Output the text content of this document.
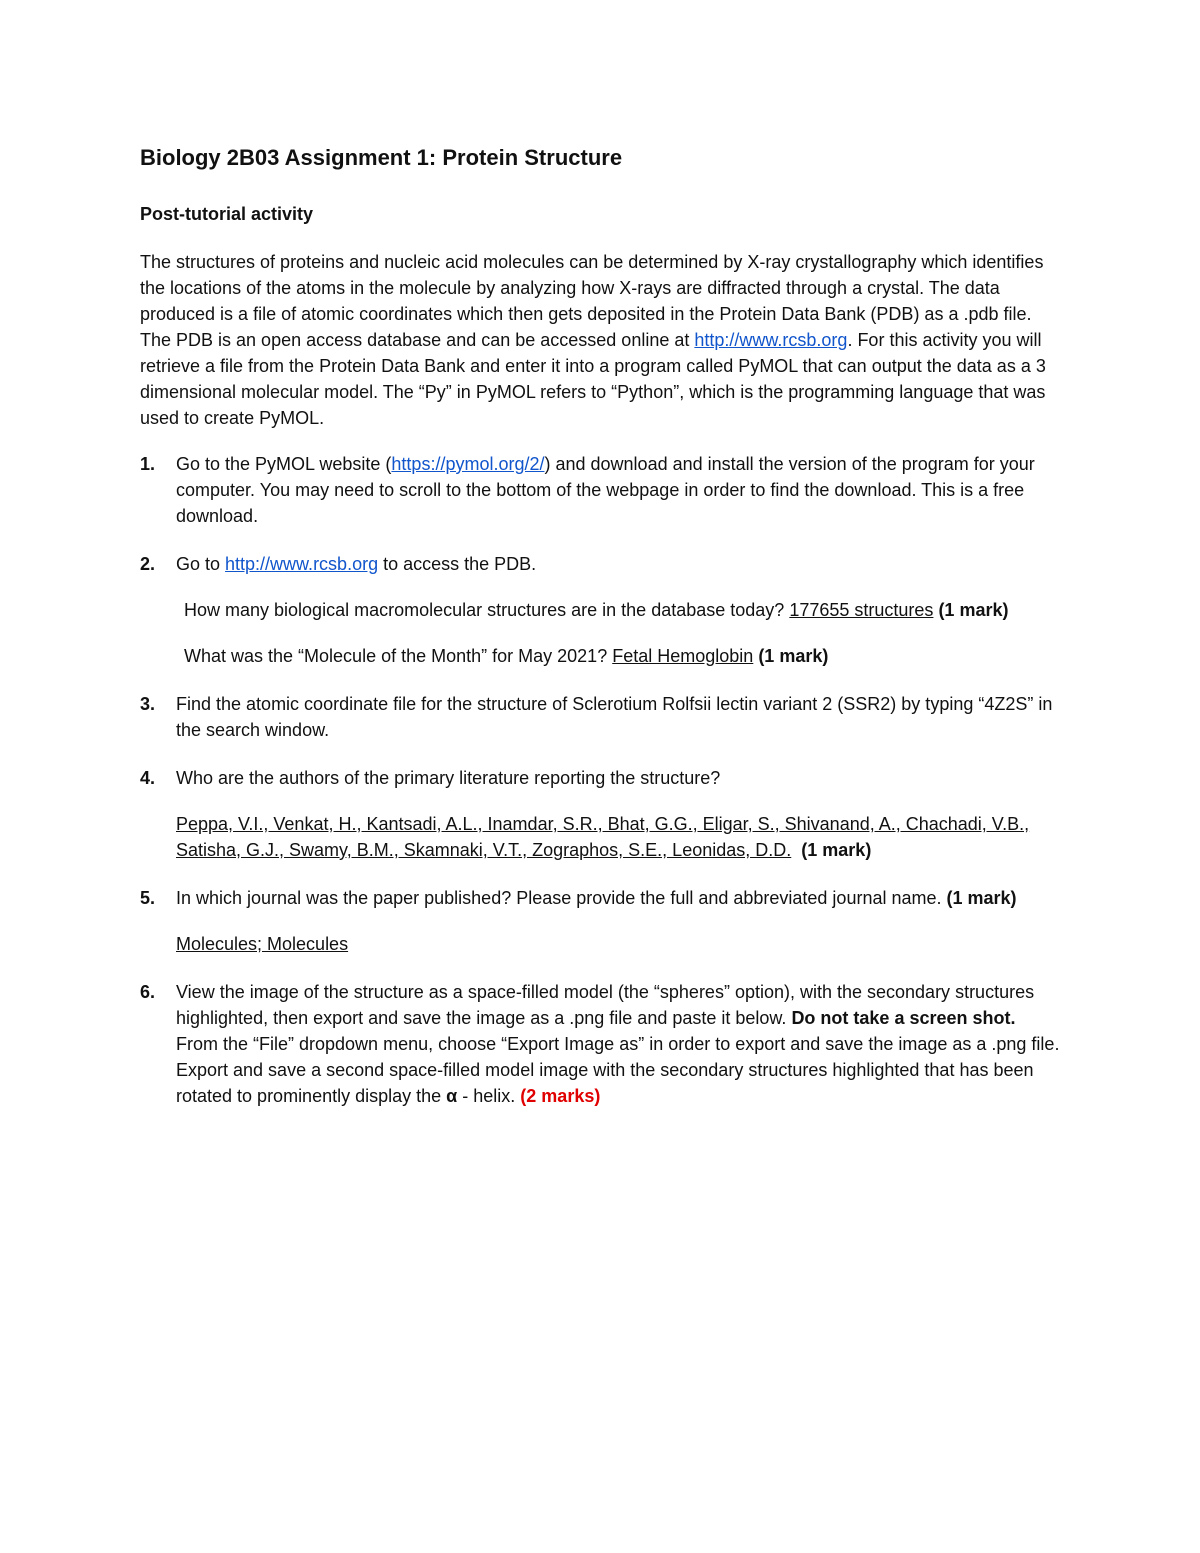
Biology 2B03 Assignment 1: Protein Structure
Post-tutorial activity

The structures of proteins and nucleic acid molecules can be determined by X-ray crystallography which identifies the locations of the atoms in the molecule by analyzing how X-rays are diffracted through a crystal. The data produced is a file of atomic coordinates which then gets deposited in the Protein Data Bank (PDB) as a .pdb file. The PDB is an open access database and can be accessed online at http://www.rcsb.org. For this activity you will retrieve a file from the Protein Data Bank and enter it into a program called PyMOL that can output the data as a 3 dimensional molecular model. The “Py” in PyMOL refers to “Python”, which is the programming language that was used to create PyMOL.

1. Go to the PyMOL website (https://pymol.org/2/) and download and install the version of the program for your computer. You may need to scroll to the bottom of the webpage in order to find the download. This is a free download.
2. Go to http://www.rcsb.org to access the PDB.

How many biological macromolecular structures are in the database today? 177655 structures (1 mark)

What was the “Molecule of the Month” for May 2021? Fetal Hemoglobin (1 mark)

3. Find the atomic coordinate file for the structure of Sclerotium Rolfsii lectin variant 2 (SSR2) by typing “4Z2S” in the search window.
4. Who are the authors of the primary literature reporting the structure?

Peppa, V.I., Venkat, H., Kantsadi, A.L., Inamdar, S.R., Bhat, G.G., Eligar, S., Shivanand, A., Chachadi, V.B., Satisha, G.J., Swamy, B.M., Skamnaki, V.T., Zographos, S.E., Leonidas, D.D. (1 mark)

5. In which journal was the paper published? Please provide the full and abbreviated journal name. (1 mark)

Molecules; Molecules

6. View the image of the structure as a space-filled model (the “spheres” option), with the secondary structures highlighted, then export and save the image as a .png file and paste it below. Do not take a screen shot. From the “File” dropdown menu, choose “Export Image as” in order to export and save the image as a .png file. Export and save a second space-filled model image with the secondary structures highlighted that has been rotated to prominently display the α - helix. (2 marks)
